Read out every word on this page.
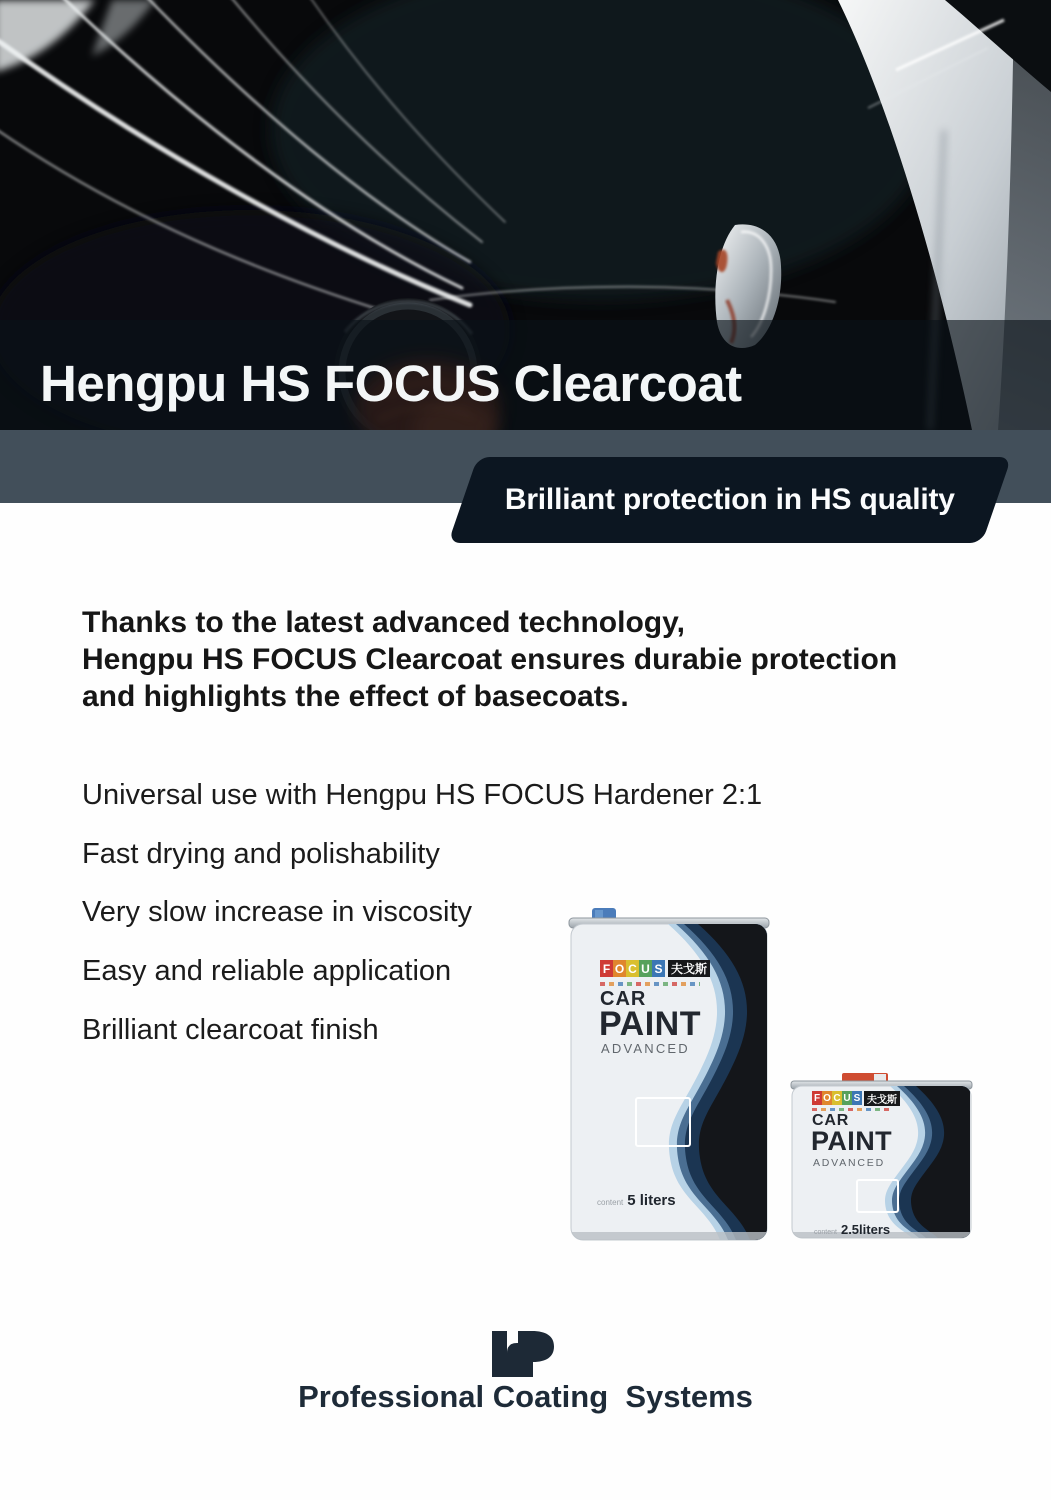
Hengpu HS FOCUS Clearcoat
Brilliant protection in HS quality

Thanks to the latest advanced technology,

Hengpu HS FOCUS Clearcoat ensures durabie protection

and highlights the effect of basecoats.

Universal use with Hengpu HS FOCUS Hardener 2:1
Fast drying and polishability
Very slow increase in viscosity
Easy and reliable application
Brilliant clearcoat finish
F O C U S 夫戈斯

CAR

PAINT

ADVANCED

content 5 liters
F O C U S 夫戈斯

CAR

PAINT

ADVANCED

content 2.5liters

Professional Coating  Systems
